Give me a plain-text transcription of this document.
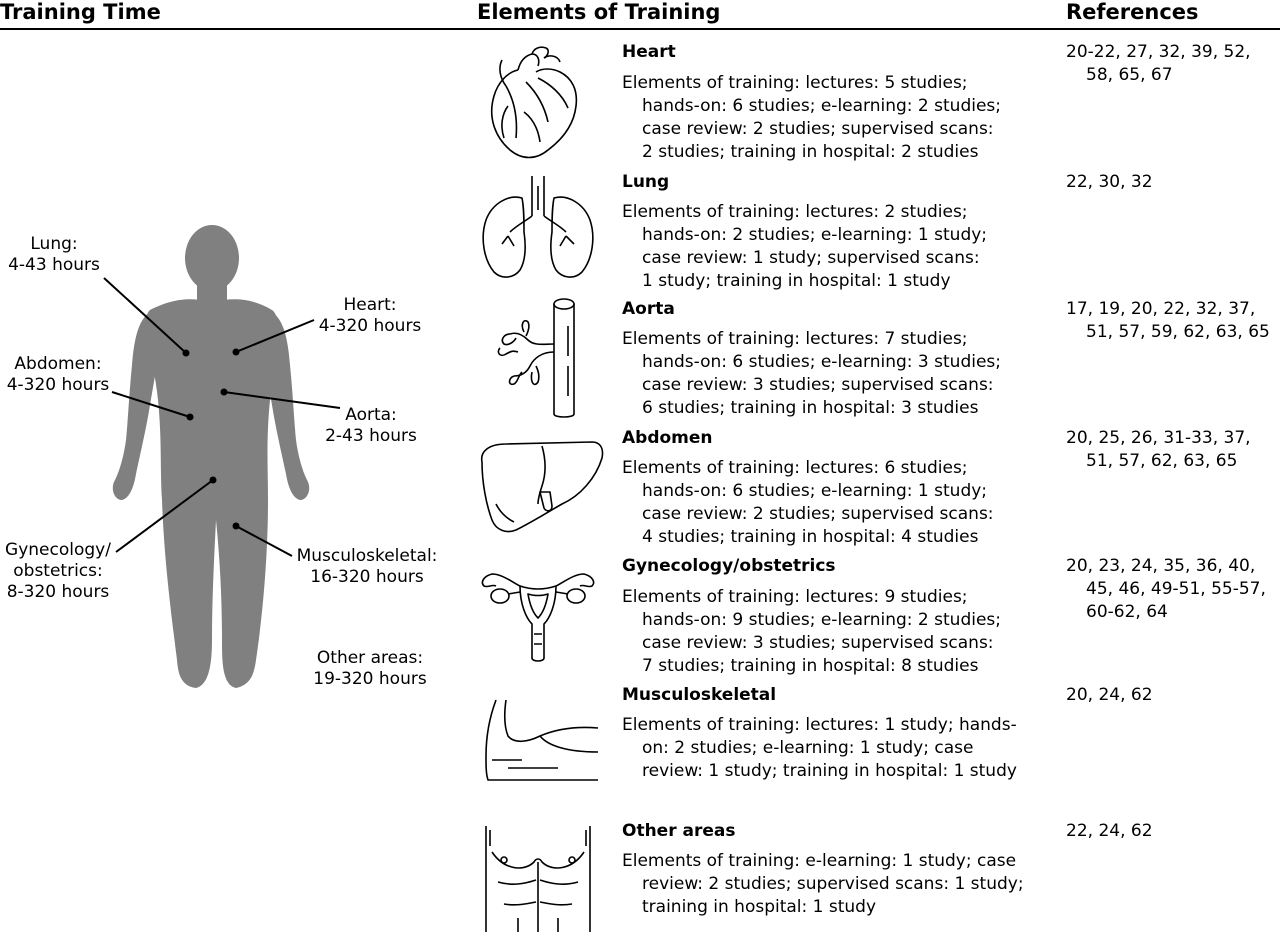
Training Time	Elements of Training	References
Lung:
4-43 hours
Heart:
4-320 hours
Abdomen:
4-320 hours
Aorta:
2-43 hours
Gynecology/
obstetrics:
8-320 hours
Musculoskeletal:
16-320 hours
Other areas:
19-320 hours
Heart
Elements of training: lectures: 5 studies;
hands-on: 6 studies; e-learning: 2 studies;
case review: 2 studies; supervised scans:
2 studies; training in hospital: 2 studies
20-22, 27, 32, 39, 52,
58, 65, 67
Lung
Elements of training: lectures: 2 studies;
hands-on: 2 studies; e-learning: 1 study;
case review: 1 study; supervised scans:
1 study; training in hospital: 1 study
22, 30, 32
Aorta
Elements of training: lectures: 7 studies;
hands-on: 6 studies; e-learning: 3 studies;
case review: 3 studies; supervised scans:
6 studies; training in hospital: 3 studies
17, 19, 20, 22, 32, 37,
51, 57, 59, 62, 63, 65
Abdomen
Elements of training: lectures: 6 studies;
hands-on: 6 studies; e-learning: 1 study;
case review: 2 studies; supervised scans:
4 studies; training in hospital: 4 studies
20, 25, 26, 31-33, 37,
51, 57, 62, 63, 65
Gynecology/obstetrics
Elements of training: lectures: 9 studies;
hands-on: 9 studies; e-learning: 2 studies;
case review: 3 studies; supervised scans:
7 studies; training in hospital: 8 studies
20, 23, 24, 35, 36, 40,
45, 46, 49-51, 55-57,
60-62, 64
Musculoskeletal
Elements of training: lectures: 1 study; hands-
on: 2 studies; e-learning: 1 study; case
review: 1 study; training in hospital: 1 study
20, 24, 62
Other areas
Elements of training: e-learning: 1 study; case
review: 2 studies; supervised scans: 1 study;
training in hospital: 1 study
22, 24, 62
